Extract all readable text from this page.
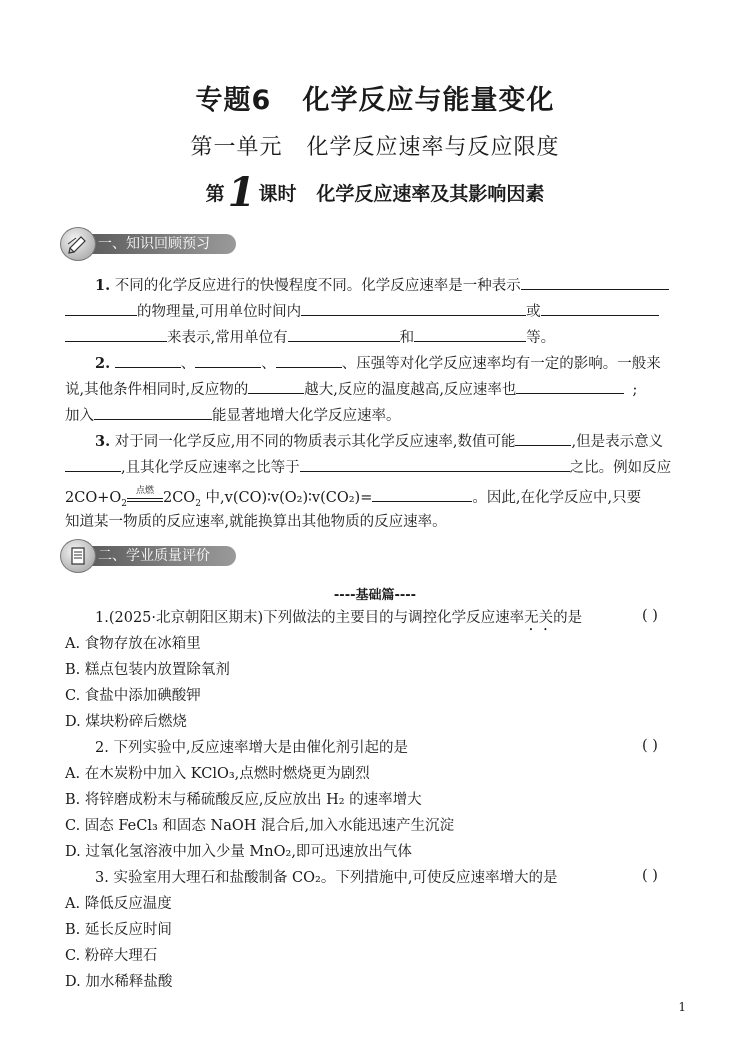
专题6 化学反应与能量变化
第一单元 化学反应速率与反应限度
第1 课时 化学反应速率及其影响因素
一、知识回顾预习
1. 不同的化学反应进行的快慢程度不同。化学反应速率是一种表示
的物理量,可用单位时间内	或
来表示,常用单位有	和	等。
2.	、	、	、压强等对化学反应速率均有一定的影响。一般来
说,其他条件相同时,反应物的	越大,反应的温度越高,反应速率也	;
加入	能显著地增大化学反应速率。
3. 对于同一化学反应,用不同的物质表示其化学反应速率,数值可能	,但是表示意义
,且其化学反应速率之比等于	之比。例如反应
$2CO+O_2$
点燃 $2CO_2$ 中,v(CO)∶v(O₂)∶v(CO₂)=	。因此,在化学反应中,只要
知道某一物质的反应速率,就能换算出其他物质的反应速率。
二、学业质量评价
----基础篇----
1.(2025·北京朝阳区期末)下列做法的主要目的与调控化学反应速率无关的是	( )
A. 食物存放在冰箱里
B. 糕点包装内放置除氧剂
C. 食盐中添加碘酸钾
D. 煤块粉碎后燃烧
2. 下列实验中,反应速率增大是由催化剂引起的是	( )
A. 在木炭粉中加入 KClO₃,点燃时燃烧更为剧烈
B. 将锌磨成粉末与稀硫酸反应,反应放出 H₂ 的速率增大
C. 固态 FeCl₃ 和固态 NaOH 混合后,加入水能迅速产生沉淀
D. 过氧化氢溶液中加入少量 MnO₂,即可迅速放出气体
3. 实验室用大理石和盐酸制备 CO₂。下列措施中,可使反应速率增大的是	( )
A. 降低反应温度
B. 延长反应时间
C. 粉碎大理石
D. 加水稀释盐酸
1
